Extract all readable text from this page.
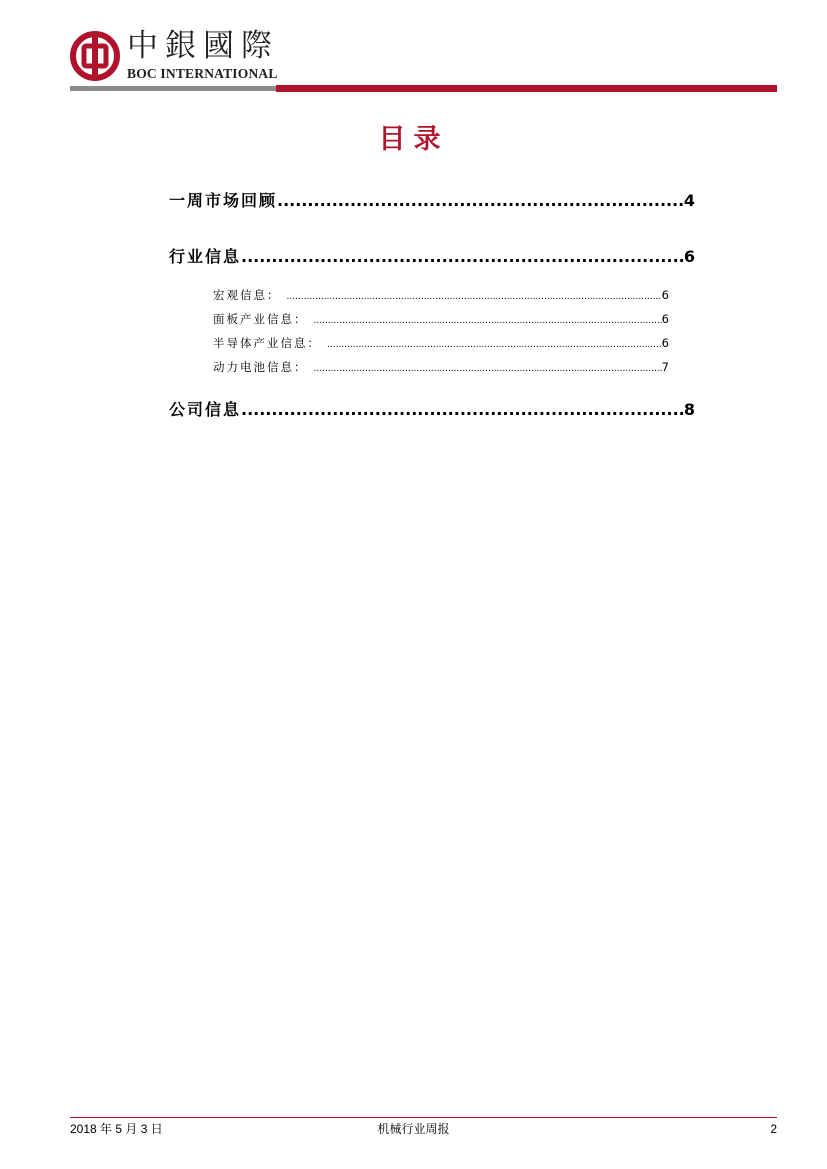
中銀國際
BOC INTERNATIONAL
目录
一周市场回顾 .....	4
行业信息 .....	6
宏观信息： .....	6
面板产业信息： .....	6
半导体产业信息： .....	6
动力电池信息： .....	7
公司信息 .....	8
2018 年 5 月 3 日	机械行业周报	2
